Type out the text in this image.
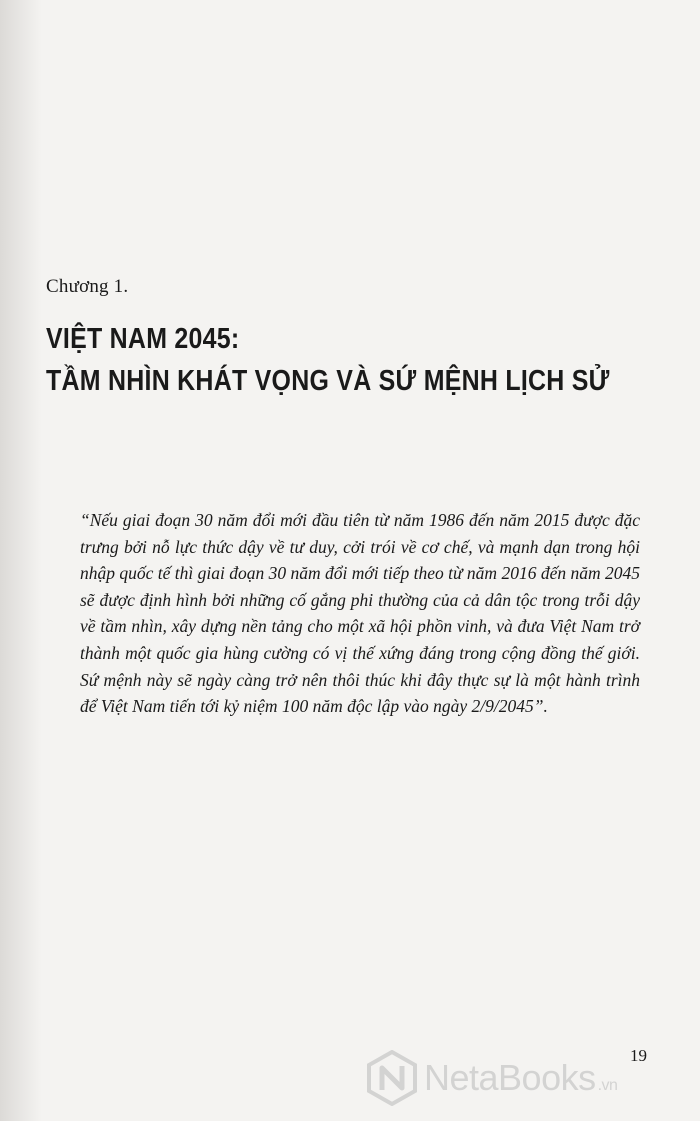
Chương 1.
VIỆT NAM 2045:
TẦM NHÌN KHÁT VỌNG VÀ SỨ MỆNH LỊCH SỬ

“Nếu giai đoạn 30 năm đổi mới đầu tiên từ năm 1986 đến năm 2015 được đặc trưng bởi nỗ lực thức dậy về tư duy, cởi trói về cơ chế, và mạnh dạn trong hội nhập quốc tế thì giai đoạn 30 năm đổi mới tiếp theo từ năm 2016 đến năm 2045 sẽ được định hình bởi những cố gắng phi thường của cả dân tộc trong trỗi dậy về tầm nhìn, xây dựng nền tảng cho một xã hội phồn vinh, và đưa Việt Nam trở thành một quốc gia hùng cường có vị thế xứng đáng trong cộng đồng thế giới. Sứ mệnh này sẽ ngày càng trở nên thôi thúc khi đây thực sự là một hành trình để Việt Nam tiến tới kỷ niệm 100 năm độc lập vào ngày 2/9/2045”.

19
NetaBooks .vn
